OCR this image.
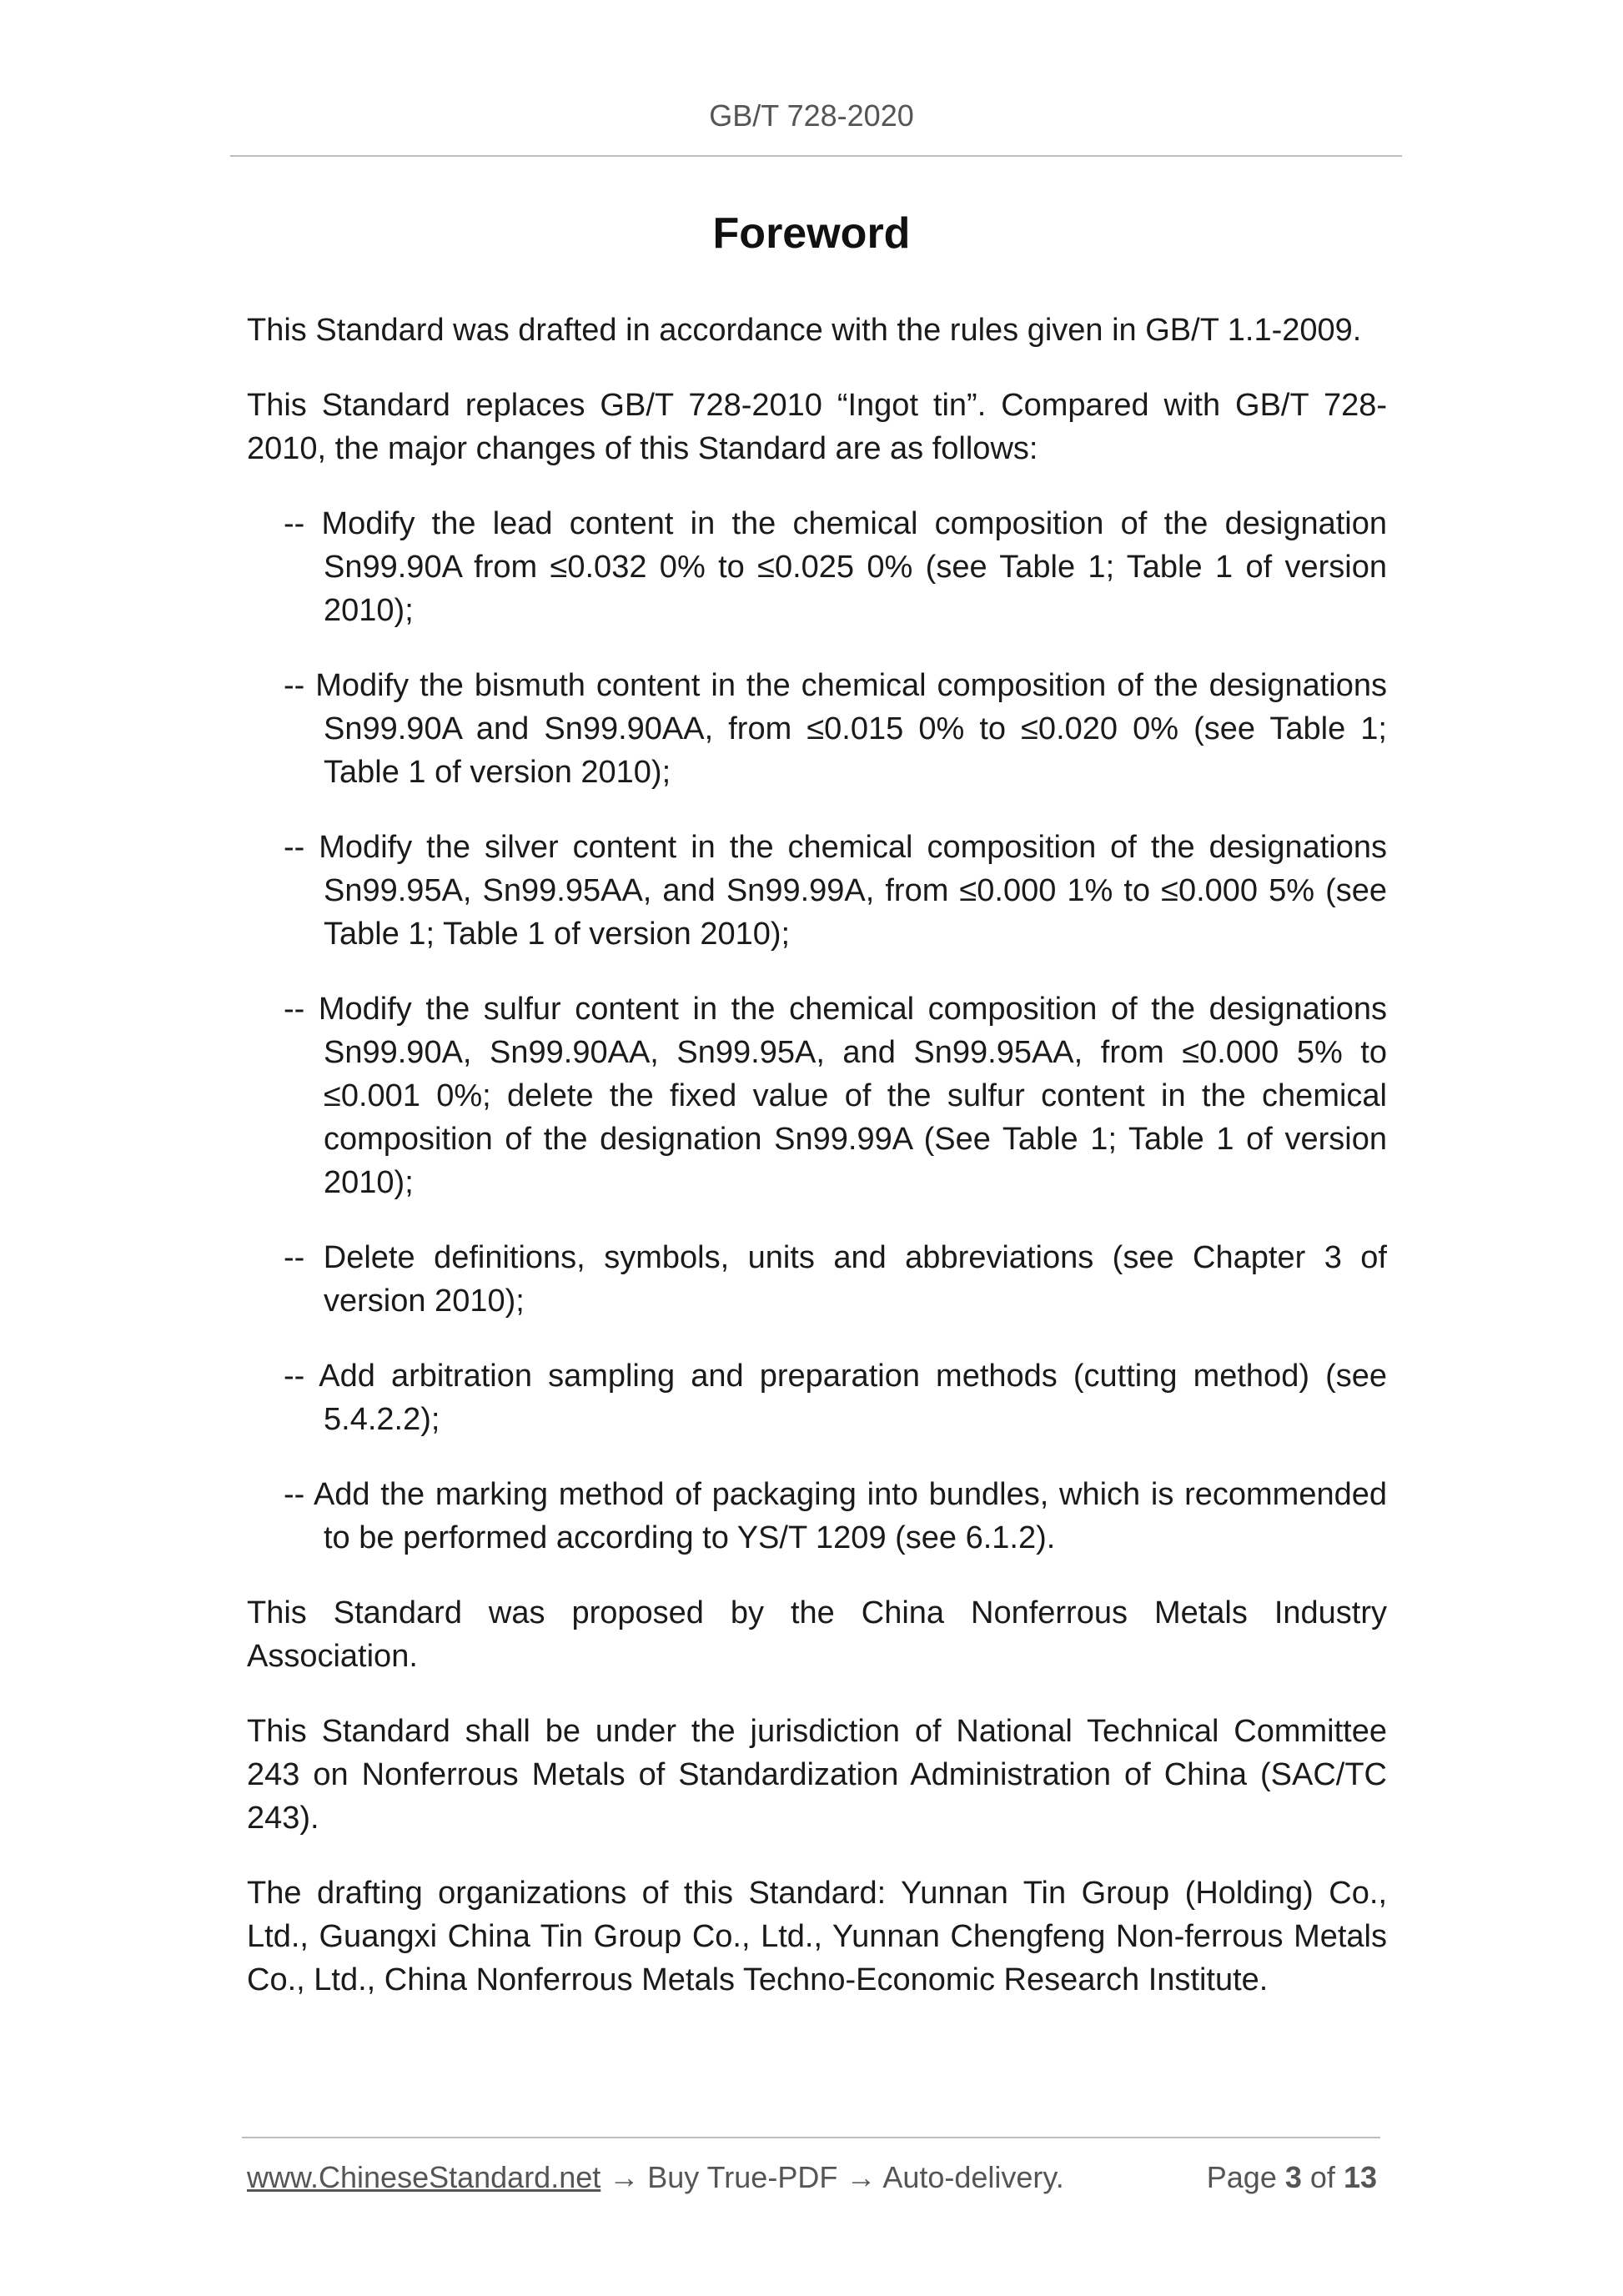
GB/T 728-2020
Foreword

This Standard was drafted in accordance with the rules given in GB/T 1.1-2009.

This Standard replaces GB/T 728-2010 “Ingot tin”. Compared with GB/T 728-2010, the major changes of this Standard are as follows:

-- Modify the lead content in the chemical composition of the designation Sn99.90A from ≤0.032 0% to ≤0.025 0% (see Table 1; Table 1 of version 2010);
-- Modify the bismuth content in the chemical composition of the designations Sn99.90A and Sn99.90AA, from ≤0.015 0% to ≤0.020 0% (see Table 1; Table 1 of version 2010);
-- Modify the silver content in the chemical composition of the designations Sn99.95A, Sn99.95AA, and Sn99.99A, from ≤0.000 1% to ≤0.000 5% (see Table 1; Table 1 of version 2010);
-- Modify the sulfur content in the chemical composition of the designations Sn99.90A, Sn99.90AA, Sn99.95A, and Sn99.95AA, from ≤0.000 5% to ≤0.001 0%; delete the fixed value of the sulfur content in the chemical composition of the designation Sn99.99A (See Table 1; Table 1 of version 2010);
-- Delete definitions, symbols, units and abbreviations (see Chapter 3 of version 2010);
-- Add arbitration sampling and preparation methods (cutting method) (see 5.4.2.2);
-- Add the marking method of packaging into bundles, which is recommended to be performed according to YS/T 1209 (see 6.1.2).

This Standard was proposed by the China Nonferrous Metals Industry Association.

This Standard shall be under the jurisdiction of National Technical Committee 243 on Nonferrous Metals of Standardization Administration of China (SAC/TC 243).

The drafting organizations of this Standard: Yunnan Tin Group (Holding) Co., Ltd., Guangxi China Tin Group Co., Ltd., Yunnan Chengfeng Non-ferrous Metals Co., Ltd., China Nonferrous Metals Techno-Economic Research Institute.

www.ChineseStandard.net → Buy True-PDF → Auto-delivery.	Page 3 of 13
